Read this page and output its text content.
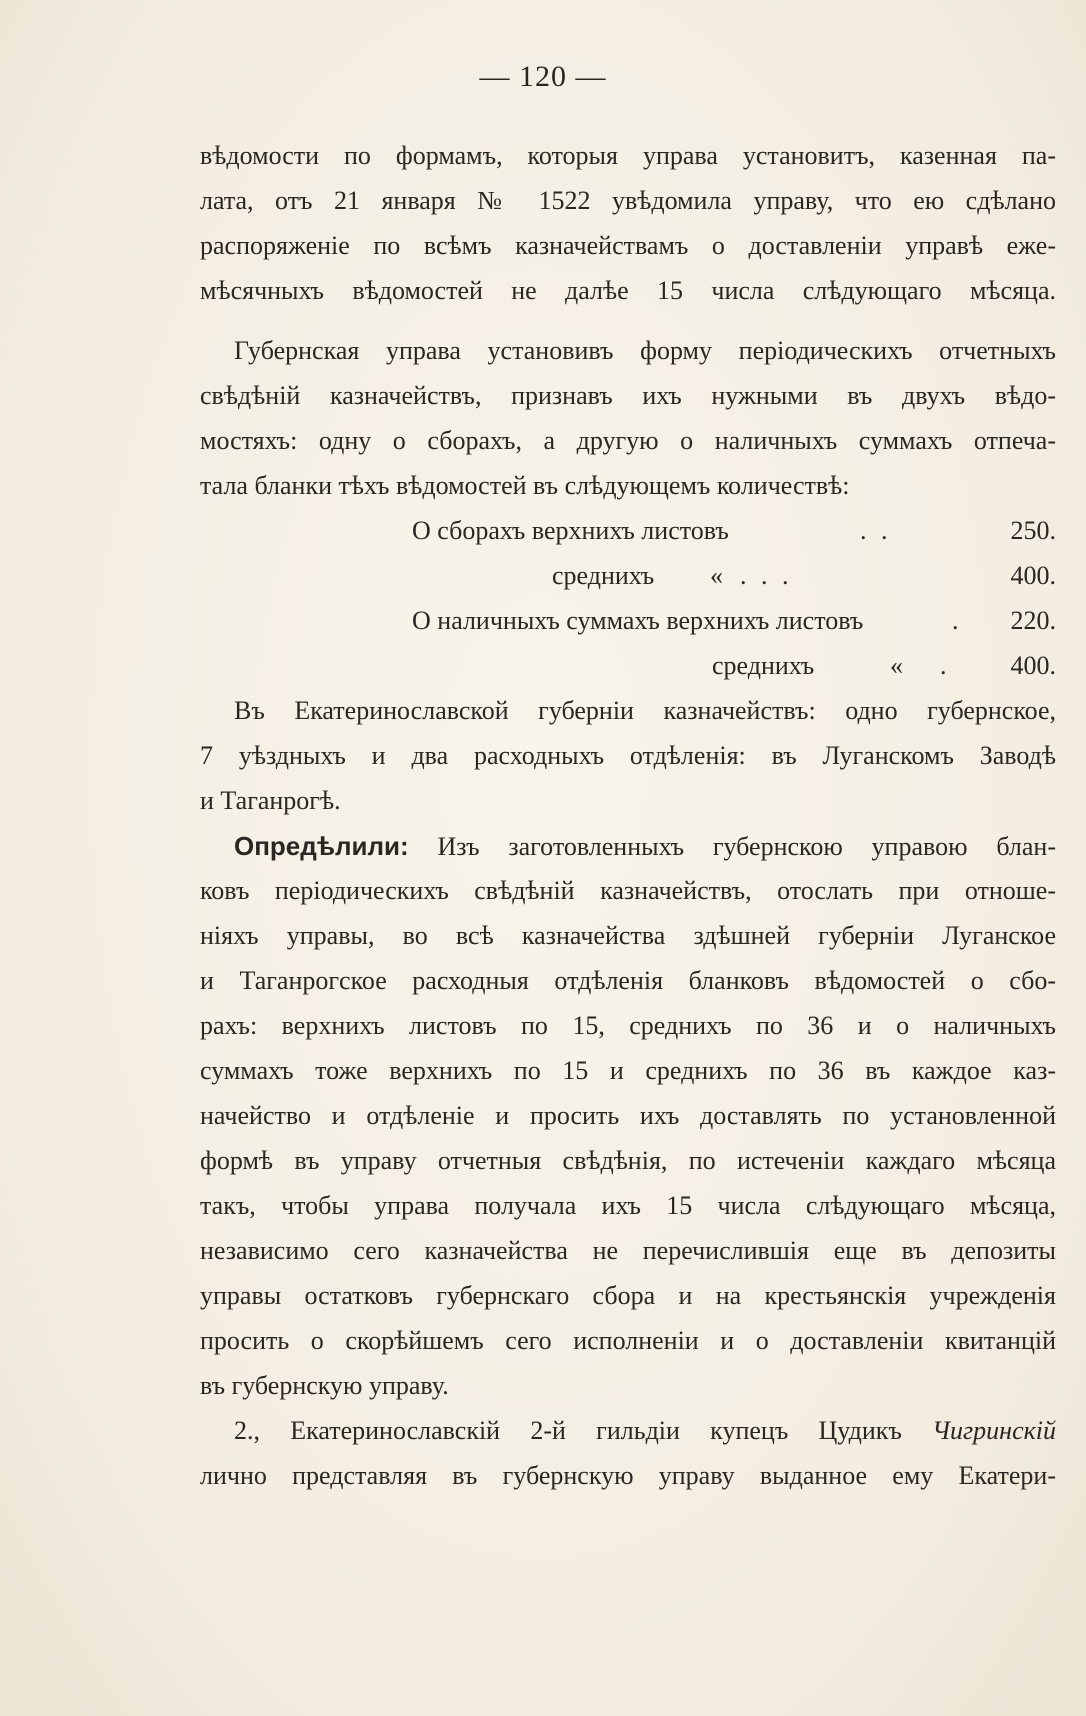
— 120 —
вѣдомости по формамъ, которыя управа установитъ, казенная па-
лата, отъ 21 января № 1522 увѣдомила управу, что ею сдѣлано
распоряженіе по всѣмъ казначействамъ о доставленіи управѣ еже-
мѣсячныхъ вѣдомостей не далѣе 15 числа слѣдующаго мѣсяца.
Губернская управа установивъ форму періодическихъ отчетныхъ
свѣдѣній казначействъ, признавъ ихъ нужными въ двухъ вѣдо-
мостяхъ: одну о сборахъ, а другую о наличныхъ суммахъ отпеча-
тала бланки тѣхъ вѣдомостей въ слѣдующемъ количествѣ:
О сборахъ верхнихъ листовъ	. .	250.
среднихъ « . . .	400.
О наличныхъ суммахъ верхнихъ листовъ	. 220.
среднихъ	« . 400.
Въ Екатеринославской губерніи казначействъ: одно губернское,
7 уѣздныхъ и два расходныхъ отдѣленія: въ Луганскомъ Заводѣ
и Таганрогѣ.
Опредѣлили: Изъ заготовленныхъ губернскою управою блан-
ковъ періодическихъ свѣдѣній казначействъ, отослать при отноше-
ніяхъ управы, во всѣ казначейства здѣшней губерніи Луганское
и Таганрогское расходныя отдѣленія бланковъ вѣдомостей о сбо-
рахъ: верхнихъ листовъ по 15, среднихъ по 36 и о наличныхъ
суммахъ тоже верхнихъ по 15 и среднихъ по 36 въ каждое каз-
начейство и отдѣленіе и просить ихъ доставлять по установленной
формѣ въ управу отчетныя свѣдѣнія, по истеченіи каждаго мѣсяца
такъ, чтобы управа получала ихъ 15 числа слѣдующаго мѣсяца,
независимо сего казначейства не перечислившія еще въ депозиты
управы остатковъ губернскаго сбора и на крестьянскія учрежденія
просить о скорѣйшемъ сего исполненіи и о доставленіи квитанцій
въ губернскую управу.
2., Екатеринославскій 2-й гильдіи купецъ Цудикъ Чигринскій
лично представляя въ губернскую управу выданное ему Екатери-
